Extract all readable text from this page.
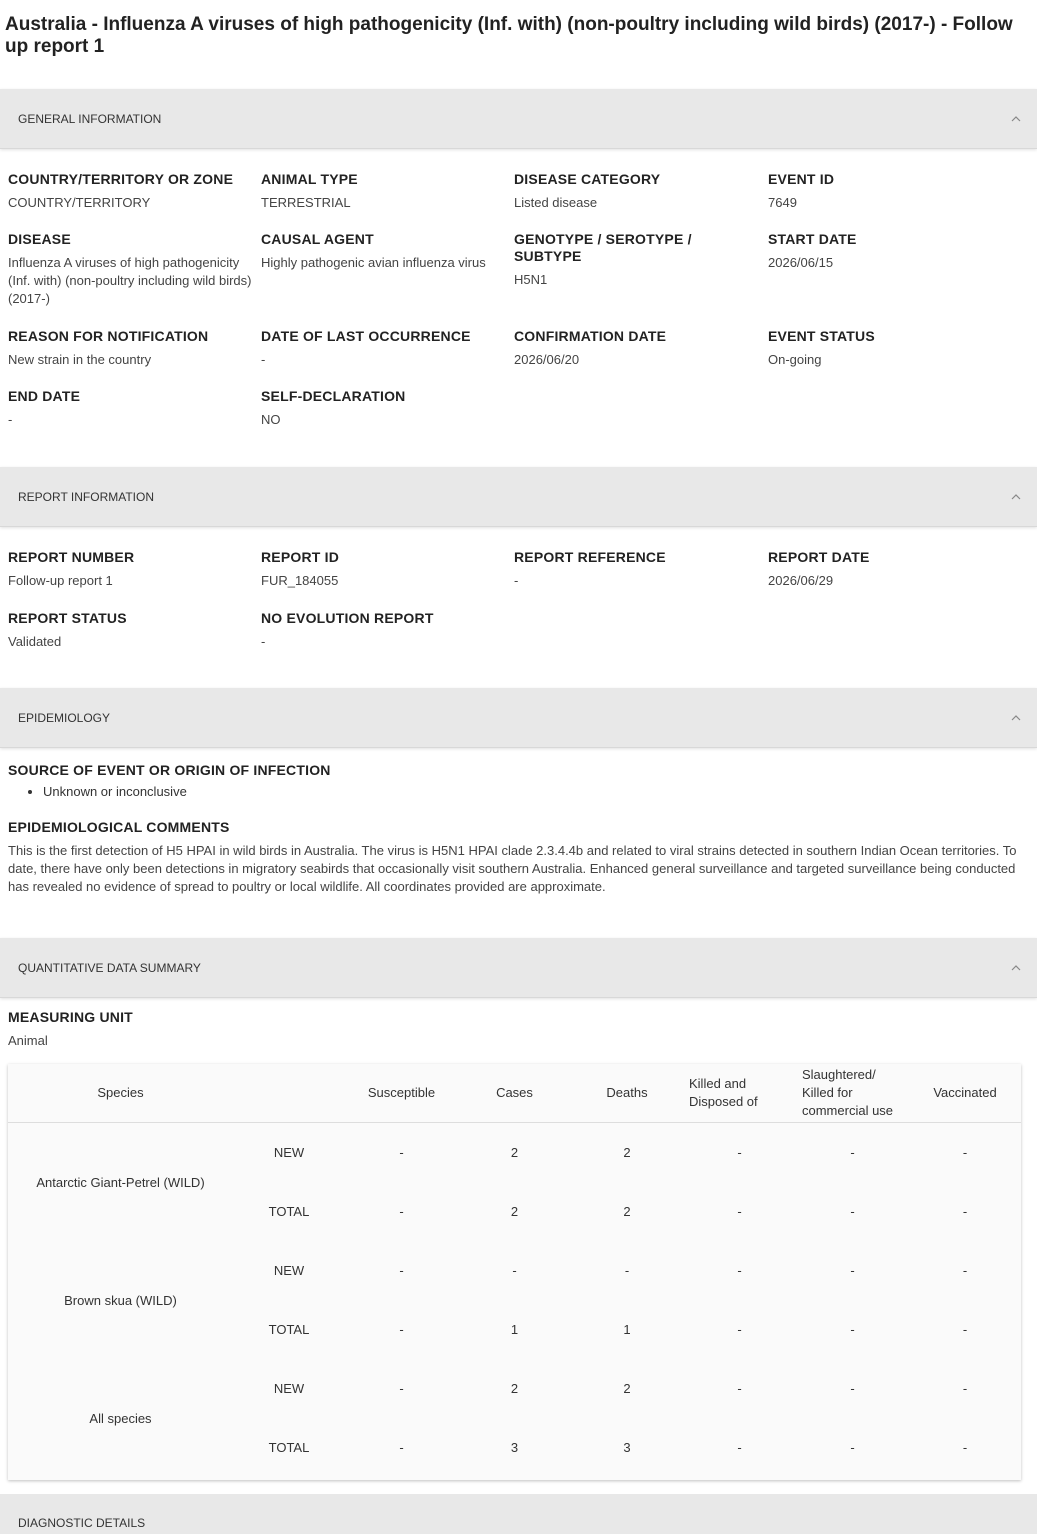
Australia - Influenza A viruses of high pathogenicity (Inf. with) (non-poultry including wild birds) (2017-) - Follow up report 1
GENERAL INFORMATION
COUNTRY/TERRITORY OR ZONE
COUNTRY/TERRITORY
ANIMAL TYPE
TERRESTRIAL
DISEASE CATEGORY
Listed disease
EVENT ID
7649
DISEASE
Influenza A viruses of high pathogenicity (Inf. with) (non-poultry including wild birds) (2017-)
CAUSAL AGENT
Highly pathogenic avian influenza virus
GENOTYPE / SEROTYPE / SUBTYPE
H5N1
START DATE
2026/06/15
REASON FOR NOTIFICATION
New strain in the country
DATE OF LAST OCCURRENCE
-
CONFIRMATION DATE
2026/06/20
EVENT STATUS
On-going
END DATE
-
SELF-DECLARATION
NO
REPORT INFORMATION
REPORT NUMBER
Follow-up report 1
REPORT ID
FUR_184055
REPORT REFERENCE
-
REPORT DATE
2026/06/29
REPORT STATUS
Validated
NO EVOLUTION REPORT
-
EPIDEMIOLOGY
SOURCE OF EVENT OR ORIGIN OF INFECTION
• Unknown or inconclusive
EPIDEMIOLOGICAL COMMENTS
This is the first detection of H5 HPAI in wild birds in Australia. The virus is H5N1 HPAI clade 2.3.4.4b and related to viral strains detected in southern Indian Ocean territories. To date, there have only been detections in migratory seabirds that occasionally visit southern Australia. Enhanced general surveillance and targeted surveillance being conducted has revealed no evidence of spread to poultry or local wildlife. All coordinates provided are approximate.
QUANTITATIVE DATA SUMMARY
MEASURING UNIT
Animal
Species		Susceptible	Cases	Deaths	Killed and Disposed of	Slaughtered/ Killed for commercial use	Vaccinated
Antarctic Giant-Petrel (WILD)	NEW	-	2	2	-	-	-
	TOTAL	-	2	2	-	-	-
Brown skua (WILD)	NEW	-	-	-	-	-	-
	TOTAL	-	1	1	-	-	-
All species	NEW	-	2	2	-	-	-
	TOTAL	-	3	3	-	-	-
DIAGNOSTIC DETAILS
